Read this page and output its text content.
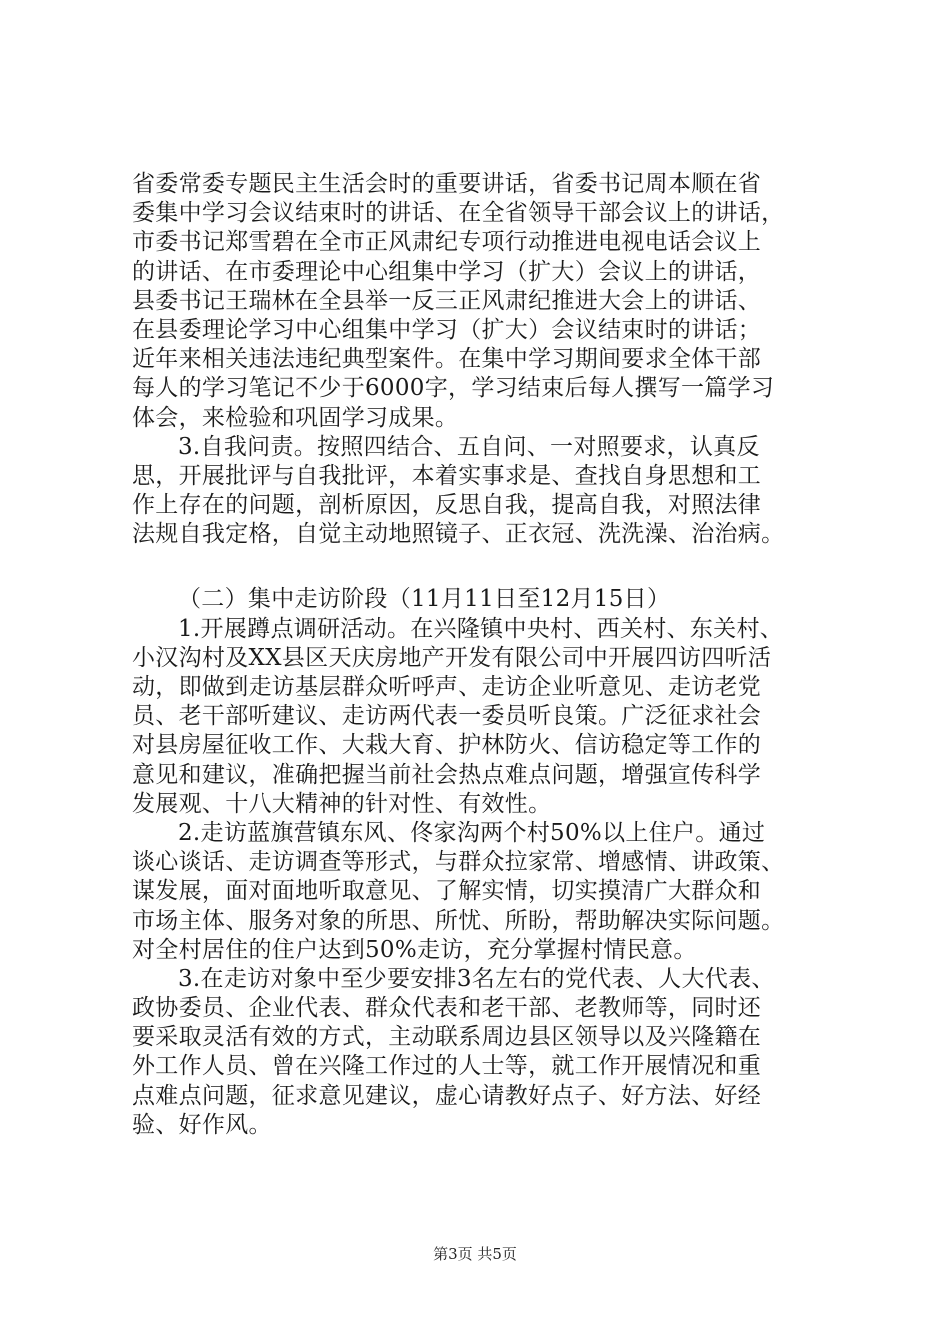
省委常委专题民主生活会时的重要讲话，省委书记周本顺在省
委集中学习会议结束时的讲话、在全省领导干部会议上的讲话，
市委书记郑雪碧在全市正风肃纪专项行动推进电视电话会议上
的讲话、在市委理论中心组集中学习（扩大）会议上的讲话，
县委书记王瑞林在全县举一反三正风肃纪推进大会上的讲话、
在县委理论学习中心组集中学习（扩大）会议结束时的讲话；
近年来相关违法违纪典型案件。在集中学习期间要求全体干部
每人的学习笔记不少于6000字，学习结束后每人撰写一篇学习
体会，来检验和巩固学习成果。
3.自我问责。按照四结合、五自问、一对照要求，认真反
思，开展批评与自我批评，本着实事求是、查找自身思想和工
作上存在的问题，剖析原因，反思自我，提高自我，对照法律
法规自我定格，自觉主动地照镜子、正衣冠、洗洗澡、治治病。
（二）集中走访阶段（11月11日至12月15日）
1.开展蹲点调研活动。在兴隆镇中央村、西关村、东关村、
小汉沟村及XX县区天庆房地产开发有限公司中开展四访四听活
动，即做到走访基层群众听呼声、走访企业听意见、走访老党
员、老干部听建议、走访两代表一委员听良策。广泛征求社会
对县房屋征收工作、大栽大育、护林防火、信访稳定等工作的
意见和建议，准确把握当前社会热点难点问题，增强宣传科学
发展观、十八大精神的针对性、有效性。
2.走访蓝旗营镇东风、佟家沟两个村50%以上住户。通过
谈心谈话、走访调查等形式，与群众拉家常、增感情、讲政策、
谋发展，面对面地听取意见、了解实情，切实摸清广大群众和
市场主体、服务对象的所思、所忧、所盼，帮助解决实际问题。
对全村居住的住户达到50%走访，充分掌握村情民意。
3.在走访对象中至少要安排3名左右的党代表、人大代表、
政协委员、企业代表、群众代表和老干部、老教师等，同时还
要采取灵活有效的方式，主动联系周边县区领导以及兴隆籍在
外工作人员、曾在兴隆工作过的人士等，就工作开展情况和重
点难点问题，征求意见建议，虚心请教好点子、好方法、好经
验、好作风。
第3页 共5页
